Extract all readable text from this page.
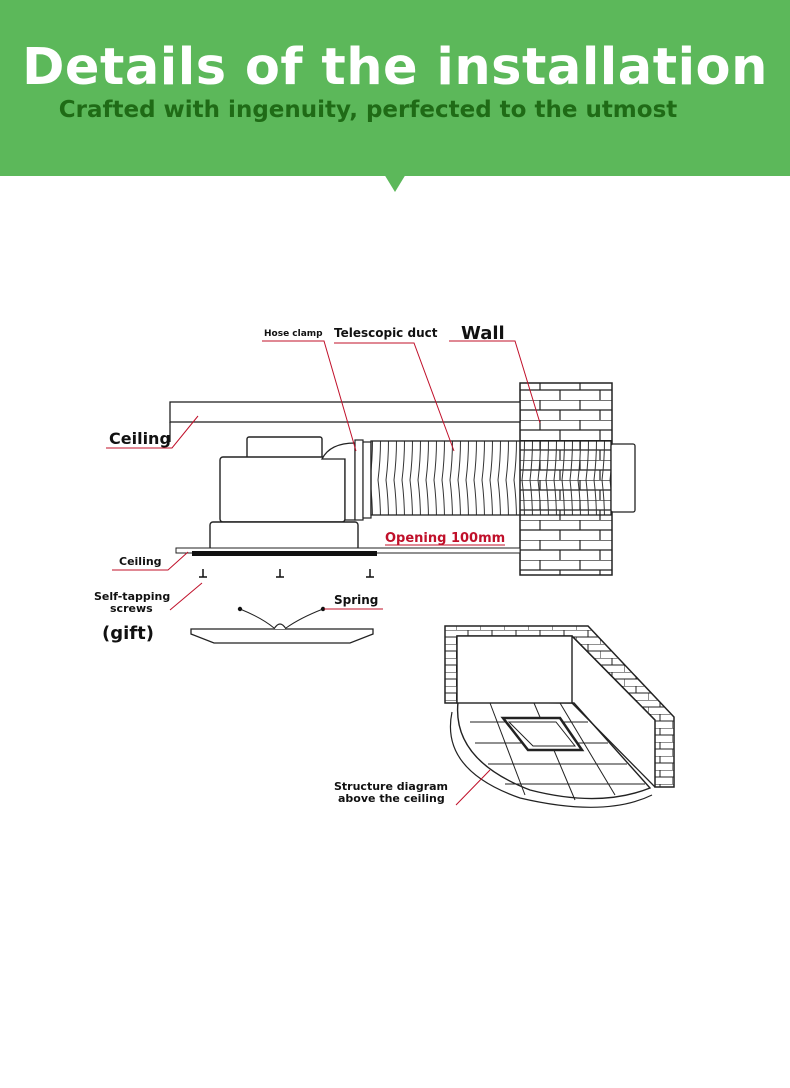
Details of the installation
Crafted with ingenuity, perfected to the utmost
Hose clamp Telescopic duct Wall
Ceiling
Opening 100mm
Ceiling
Self-tapping
screws
(gift)
Spring
Structure diagram
above the ceiling
